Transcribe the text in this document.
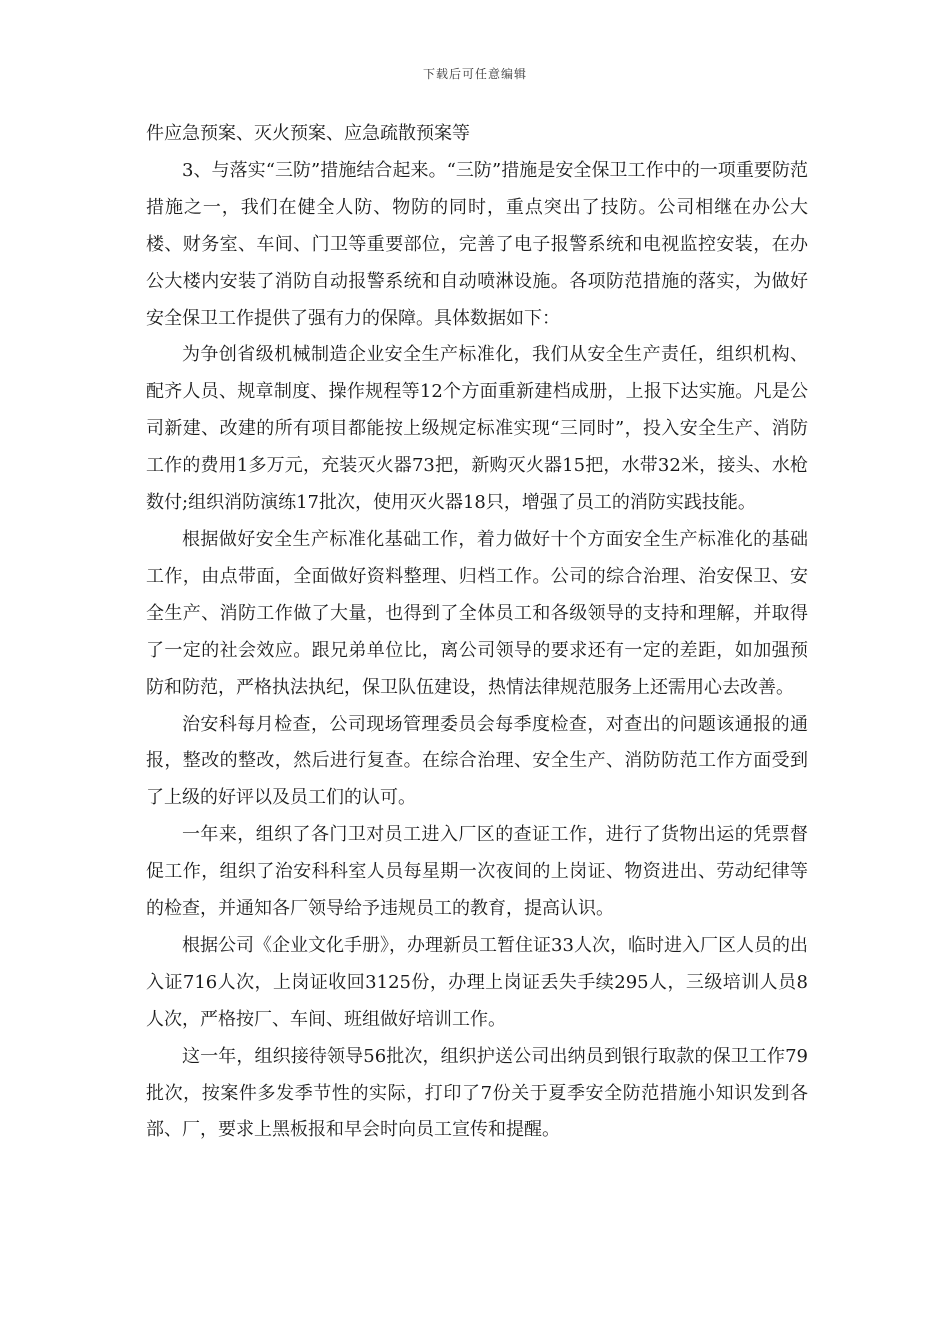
下载后可任意编辑

件应急预案、灭火预案、应急疏散预案等

3、与落实“三防”措施结合起来。“三防”措施是安全保卫工作中的一项重要防范措施之一，我们在健全人防、物防的同时，重点突出了技防。公司相继在办公大楼、财务室、车间、门卫等重要部位，完善了电子报警系统和电视监控安装，在办公大楼内安装了消防自动报警系统和自动喷淋设施。各项防范措施的落实，为做好安全保卫工作提供了强有力的保障。具体数据如下：

为争创省级机械制造企业安全生产标准化，我们从安全生产责任，组织机构、配齐人员、规章制度、操作规程等12个方面重新建档成册，上报下达实施。凡是公司新建、改建的所有项目都能按上级规定标准实现“三同时”，投入安全生产、消防工作的费用1多万元，充装灭火器73把，新购灭火器15把，水带32米，接头、水枪数付;组织消防演练17批次，使用灭火器18只，增强了员工的消防实践技能。

根据做好安全生产标准化基础工作，着力做好十个方面安全生产标准化的基础工作，由点带面，全面做好资料整理、归档工作。公司的综合治理、治安保卫、安全生产、消防工作做了大量，也得到了全体员工和各级领导的支持和理解，并取得了一定的社会效应。跟兄弟单位比，离公司领导的要求还有一定的差距，如加强预防和防范，严格执法执纪，保卫队伍建设，热情法律规范服务上还需用心去改善。

治安科每月检查，公司现场管理委员会每季度检查，对查出的问题该通报的通报，整改的整改，然后进行复查。在综合治理、安全生产、消防防范工作方面受到了上级的好评以及员工们的认可。

一年来，组织了各门卫对员工进入厂区的查证工作，进行了货物出运的凭票督促工作，组织了治安科科室人员每星期一次夜间的上岗证、物资进出、劳动纪律等的检查，并通知各厂领导给予违规员工的教育，提高认识。

根据公司《企业文化手册》，办理新员工暂住证33人次，临时进入厂区人员的出入证716人次，上岗证收回3125份，办理上岗证丢失手续295人，三级培训人员8人次，严格按厂、车间、班组做好培训工作。

这一年，组织接待领导56批次，组织护送公司出纳员到银行取款的保卫工作79批次，按案件多发季节性的实际，打印了7份关于夏季安全防范措施小知识发到各部、厂，要求上黑板报和早会时向员工宣传和提醒。
